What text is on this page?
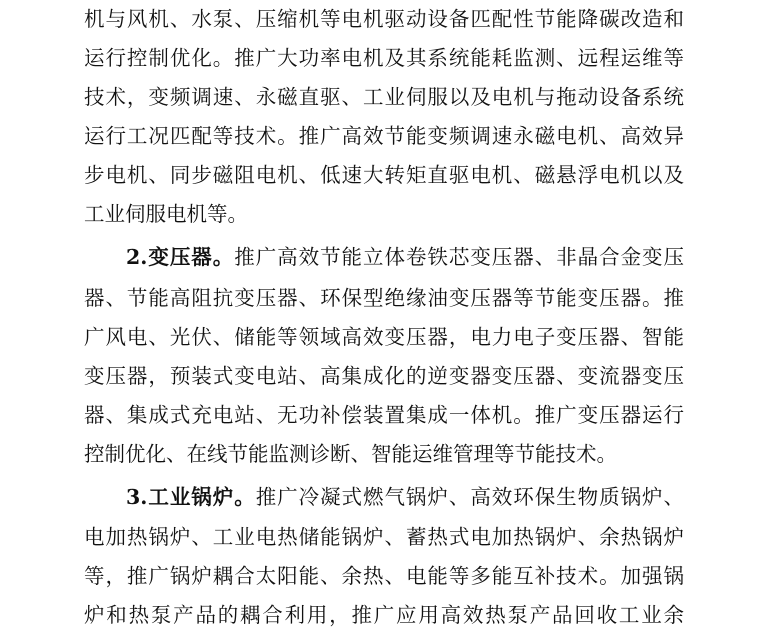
机与风机、水泵、压缩机等电机驱动设备匹配性节能降碳改造和
运行控制优化。推广大功率电机及其系统能耗监测、远程运维等
技术，变频调速、永磁直驱、工业伺服以及电机与拖动设备系统
运行工况匹配等技术。推广高效节能变频调速永磁电机、高效异
步电机、同步磁阻电机、低速大转矩直驱电机、磁悬浮电机以及
工业伺服电机等。
2.变压器。推广高效节能立体卷铁芯变压器、非晶合金变压
器、节能高阻抗变压器、环保型绝缘油变压器等节能变压器。推
广风电、光伏、储能等领域高效变压器，电力电子变压器、智能
变压器，预装式变电站、高集成化的逆变器变压器、变流器变压
器、集成式充电站、无功补偿装置集成一体机。推广变压器运行
控制优化、在线节能监测诊断、智能运维管理等节能技术。
3.工业锅炉。推广冷凝式燃气锅炉、高效环保生物质锅炉、
电加热锅炉、工业电热储能锅炉、蓄热式电加热锅炉、余热锅炉
等，推广锅炉耦合太阳能、余热、电能等多能互补技术。加强锅
炉和热泵产品的耦合利用，推广应用高效热泵产品回收工业余
